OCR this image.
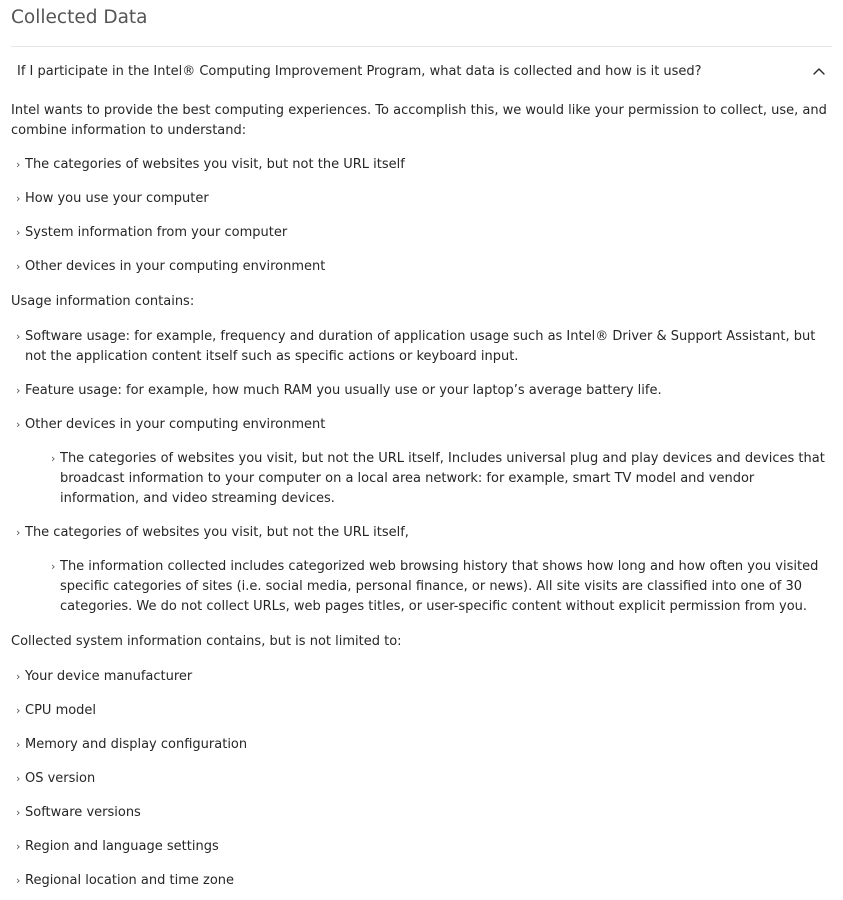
Collected Data
If I participate in the Intel® Computing Improvement Program, what data is collected and how is it used?

Intel wants to provide the best computing experiences. To accomplish this, we would like your permission to collect, use, and combine information to understand:

› The categories of websites you visit, but not the URL itself
› How you use your computer
› System information from your computer
› Other devices in your computing environment

Usage information contains:

› Software usage: for example, frequency and duration of application usage such as Intel® Driver & Support Assistant, but not the application content itself such as specific actions or keyboard input.
› Feature usage: for example, how much RAM you usually use or your laptop’s average battery life.
› Other devices in your computing environment
› The categories of websites you visit, but not the URL itself, Includes universal plug and play devices and devices that broadcast information to your computer on a local area network: for example, smart TV model and vendor information, and video streaming devices.
› The categories of websites you visit, but not the URL itself,
› The information collected includes categorized web browsing history that shows how long and how often you visited specific categories of sites (i.e. social media, personal finance, or news). All site visits are classified into one of 30 categories. We do not collect URLs, web pages titles, or user-specific content without explicit permission from you.

Collected system information contains, but is not limited to:

› Your device manufacturer
› CPU model
› Memory and display configuration
› OS version
› Software versions
› Region and language settings
› Regional location and time zone
